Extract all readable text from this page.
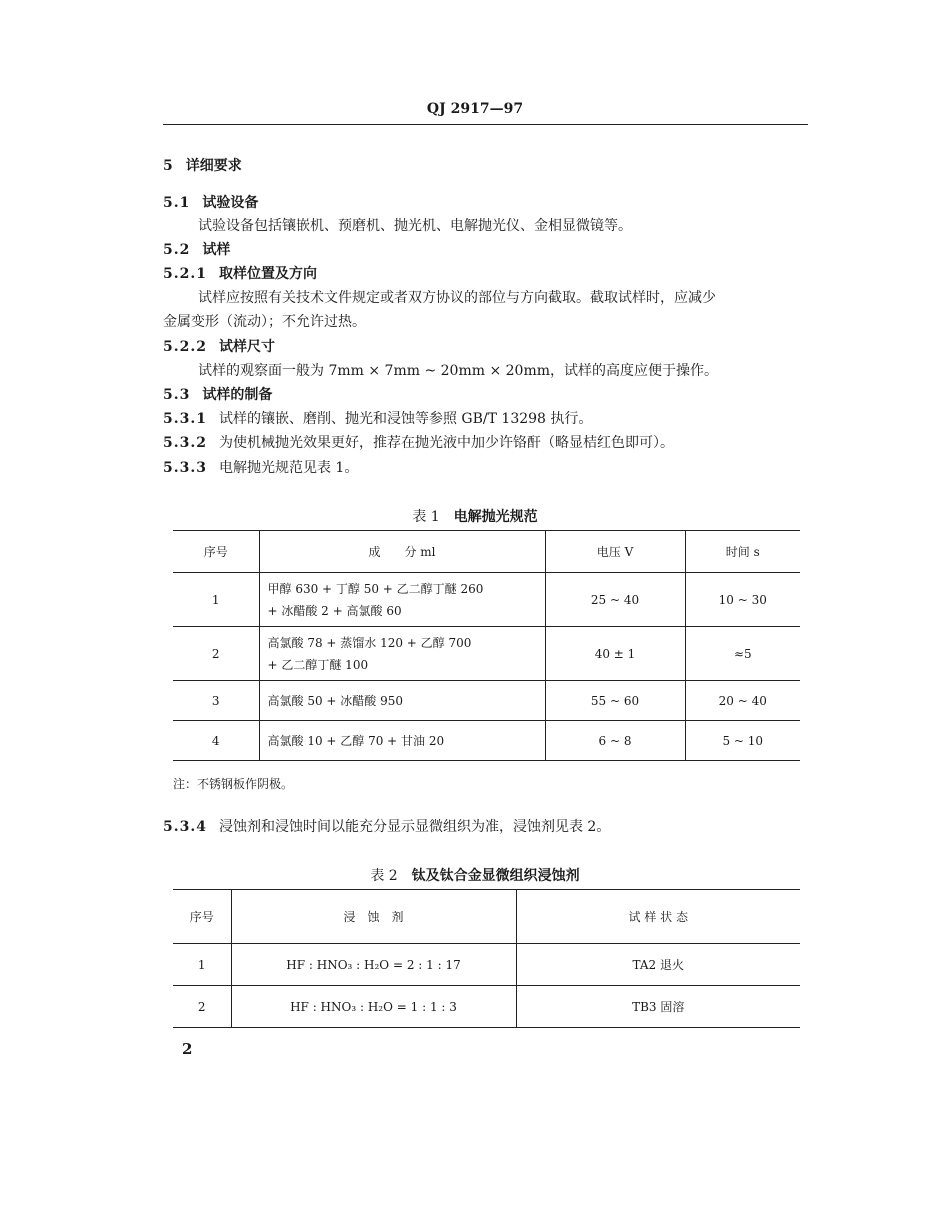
QJ 2917—97
5 详细要求
5.1 试验设备
试验设备包括镶嵌机、预磨机、抛光机、电解抛光仪、金相显微镜等。
5.2 试样
5.2.1 取样位置及方向
试样应按照有关技术文件规定或者双方协议的部位与方向截取。截取试样时，应减少
金属变形（流动）；不允许过热。
5.2.2 试样尺寸
试样的观察面一般为 7mm × 7mm ~ 20mm × 20mm，试样的高度应便于操作。
5.3 试样的制备
5.3.1 试样的镶嵌、磨削、抛光和浸蚀等参照 GB/T 13298 执行。
5.3.2 为使机械抛光效果更好，推荐在抛光液中加少许铬酐（略显桔红色即可）。
5.3.3 电解抛光规范见表 1。
表 1 电解抛光规范
序号	成　　分 ml	电压 V	时间 s
1	甲醇 630 + 丁醇 50 + 乙二醇丁醚 260
+ 冰醋酸 2 + 高氯酸 60	25 ~ 40	10 ~ 30
2	高氯酸 78 + 蒸馏水 120 + 乙醇 700
+ 乙二醇丁醚 100	40 ± 1	≈5
3	高氯酸 50 + 冰醋酸 950	55 ~ 60	20 ~ 40
4	高氯酸 10 + 乙醇 70 + 甘油 20	6 ~ 8	5 ~ 10
注：不锈钢板作阴极。
5.3.4 浸蚀剂和浸蚀时间以能充分显示显微组织为准，浸蚀剂见表 2。
表 2 钛及钛合金显微组织浸蚀剂
序号	浸　蚀　剂	试 样 状 态
1	HF : HNO₃ : H₂O = 2 : 1 : 17	TA2 退火
2	HF : HNO₃ : H₂O = 1 : 1 : 3	TB3 固溶
2
